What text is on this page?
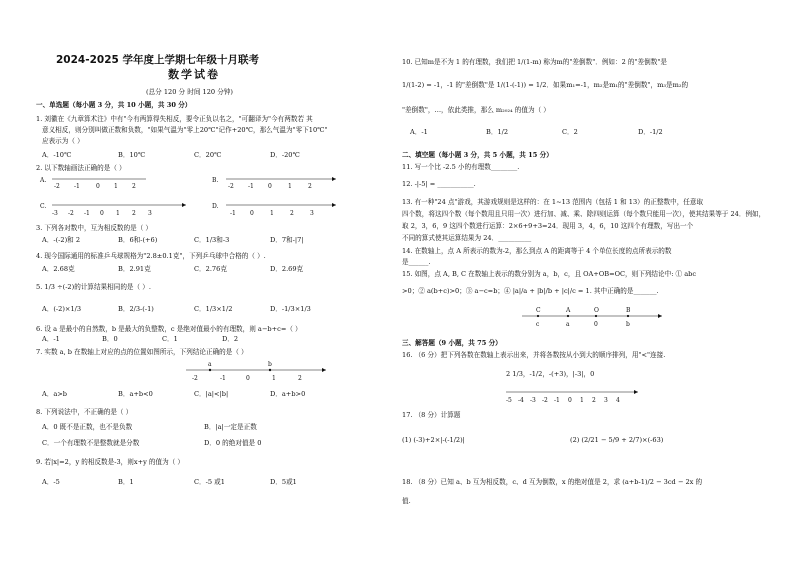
2024-2025 学年度上学期七年级十月联考
数学试卷
(总分 120 分 时间 120 分钟)
一、单选题（每小题 3 分，共 10 小题，共 30 分）
1. 刘徽在《九章算术注》中有"今有两算得失相反，要令正负以名之，"可翻译为"今有两数若 其
意义相反，则分别叫做正数和负数，"如果气温为"零上20℃"记作+20℃，那么气温为"零下10℃"
应表示为（ ）
A．-10℃	B．10℃	C．20℃	D．-20℃
2. 以下数轴画法正确的是（ ）
A.
-2 -1	0 1 2
B.
-2 -1 0	1	2
C.
-3 -2 -1 0 1 2 3
D.
-1 0	1	2	3
3. 下列各对数中，互为相反数的是（ ）
A．-(-2)和 2	B．6和-(+6)	C．1/3和-3	D．7和-|7|
4. 现今国际通用的标准乒乓球规格为"2.8±0.1克"，下列乒乓球中合格的（ ）.
A．2.68克	B．2.91克	C．2.76克	D．2.69克
5. 1/3 ÷(-2)的计算结果相同的是（ ）.
A．(-2)×1/3	B．2/3-(-1)	C．1/3×1/2	D．-1/3×1/3
6. 设 a 是最小的自然数，b 是最大的负整数，c 是绝对值最小的有理数，则 a−b+c=（ ）
A．-1	B．0	C．1	D．2
7. 实数 a, b 在数轴上对应的点的位置如图所示，下列结论正确的是（ ）
a	b
-2	-1	0	1	2
A．a>b	B．a+b<0	C．|a|<|b|	D．a+b>0
8. 下列说法中，不正确的是（ ）
A．0 既不是正数，也不是负数	B．|a|一定是正数
C．一个有理数不是整数就是分数	D．0 的绝对值是 0
9. 若|x|=2，y 的相反数是-3，则x+y 的值为（ ）
A．-5	B．1	C．-5 或1	D．5或1
10. 已知m是不为 1 的有理数，我们把 1/(1-m) 称为m的"差倒数"．例如：2 的"差倒数"是
1/(1-2) = -1，-1 的"差倒数"是 1/(1-(-1)) = 1/2．如果m₁=-1，m₂是m₁的"差倒数"，m₃是m₂的
"差倒数"，…，依此类推，那么 m₂₀₂₄ 的值为（ ）
A．-1	B．1/2	C．2	D．-1/2
二、填空题（每小题 3 分，共 5 小题，共 15 分）
11. 写一个比 -2.5 小的有理数________.
12. -|-5| = ___________.
13. 有一种"24 点"游戏，其游戏规则是这样的：在 1~13 范围内（包括 1 和 13）的正整数中，任意取
四个数，将这四个数（每个数用且只用一次）进行加、减、乘、除四则运算（每个数只能用一次），使其结果等于 24．例如，
取 2，3，6，9 这四个数进行运算：2×6+9+3=24．现用 3，4，6，10 这四个有理数，写出一个
不同的算式使其运算结果为 24．__________
14. 在数轴上，点 A 所表示的数为-2，那么到点 A 的距离等于 4 个单位长度的点所表示的数
是______.
15. 如图，点 A, B, C 在数轴上表示的数分别为 a，b，c，且 OA+OB=OC，则下列结论中: ① abc
>0；② a(b+c)>0；③ a−c=b；④ |a|/a + |b|/b + |c|/c = 1. 其中正确的是_______.
C	A	O	B
c	a	0	b
三、解答题（9 小题，共 75 分）
16. （6 分）把下列各数在数轴上表示出来，并将各数按从小到大的顺序排列，用"<"连接.
2 1/3，-1/2，-(+3)，|-3|，0
-5 -4 -3 -2 -1 0 1 2 3 4
17. （8 分）计算题
(1) (-3)+2×|-(-1/2)|	(2) (2/21 − 5/9 + 2/7)×(-63)
18. （8 分）已知 a、b 互为相反数，c、d 互为倒数，x 的绝对值是 2，求 (a+b-1)/2 − 3cd − 2x 的
值.
